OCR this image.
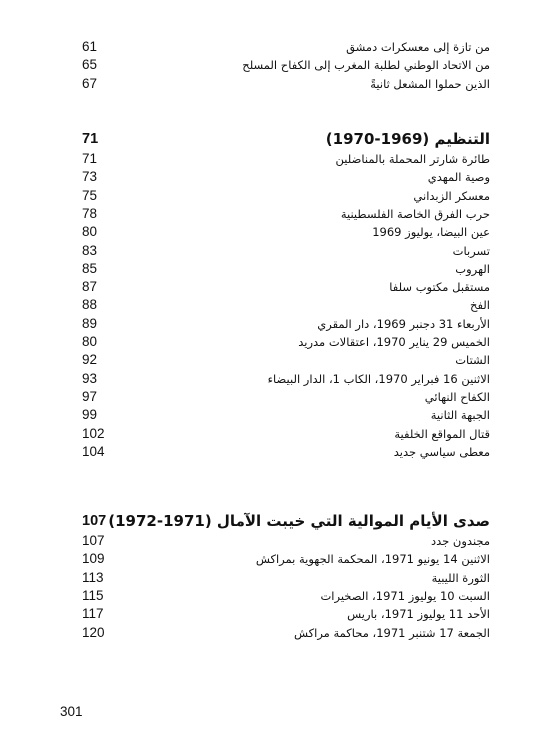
من تازة إلى معسكرات دمشق
61
من الاتحاد الوطني لطلبة المغرب إلى الكفاح المسلح
65
الذين حملوا المشعل ثانيةً
67
التنظيم (1969-1970)
71
طائرة شارتر المحملة بالمناضلين
71
وصية المهدي
73
معسكر الزبداني
75
حرب الفرق الخاصة الفلسطينية
78
عين البيضا، يوليوز 1969
80
تسربات
83
الهروب
85
مستقبل مكتوب سلفا
87
الفخ
88
الأربعاء 31 دجنبر 1969، دار المقري
89
الخميس 29 يناير 1970، اعتقالات مدريد
80
الشتات
92
الاثنين 16 فبراير 1970، الكاب 1، الدار البيضاء
93
الكفاح النهائي
97
الجبهة الثانية
99
قتال المواقع الخلفية
102
معطى سياسي جديد
104
صدى الأيام الموالية التي خيبت الآمال (1971-1972)
107
مجندون جدد
107
الاثنين 14 يونيو 1971، المحكمة الجهوية بمراكش
109
الثورة الليبية
113
السبت 10 يوليوز 1971، الصخيرات
115
الأحد 11 يوليوز 1971، باريس
117
الجمعة 17 شتنبر 1971، محاكمة مراكش
120
301
